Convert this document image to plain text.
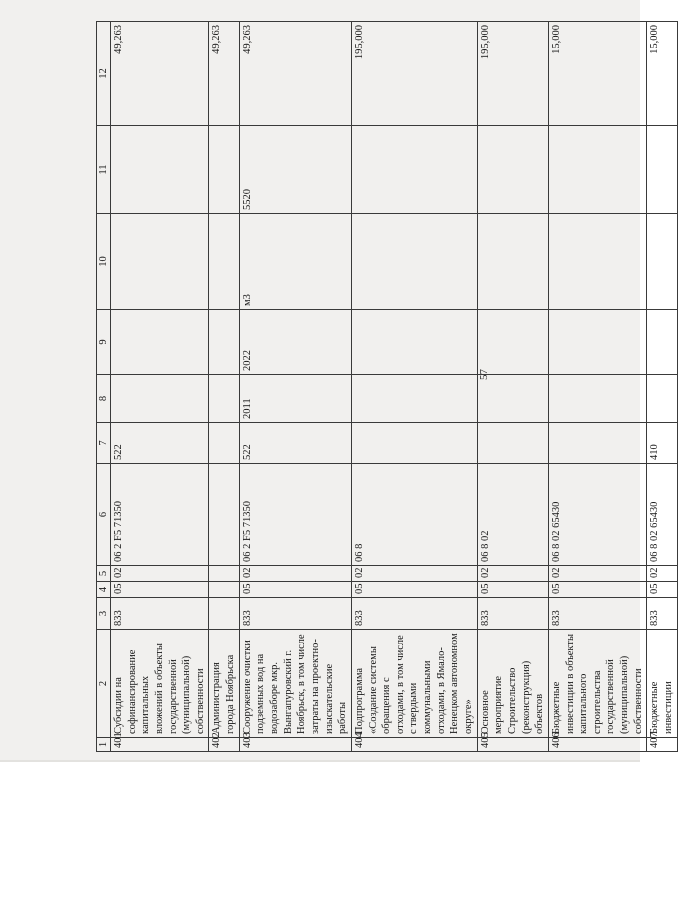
57
1	2	3	4	5	6	7	8	9	10	11	12
401	Субсидии на софинансирование капитальных вложений в объекты государственной (муниципальной) собственности	833	05	02	06 2 F5 71350	522					49,263
402	Администрация города Ноябрьска										49,263
403	Сооружение очистки подземных вод на водозаборе мкр. Вынгапуровский г. Ноябрьск, в том числе затраты на проектно-изыскательские работы	833	05	02	06 2 F5 71350	522	2011	2022	м3	5520	49,263
404	Подпрограмма «Создание системы обращения с отходами, в том числе с твердыми коммунальными отходами, в Ямало-Ненецком автономном округе»	833	05	02	06 8						195,000
405	Основное мероприятие Строительство (реконструкция) объектов	833	05	02	06 8 02						195,000
406	Бюджетные инвестиции в объекты капитального строительства государственной (муниципальной) собственности	833	05	02	06 8 02 65430						15,000
407	Бюджетные инвестиции	833	05	02	06 8 02 65430	410					15,000
